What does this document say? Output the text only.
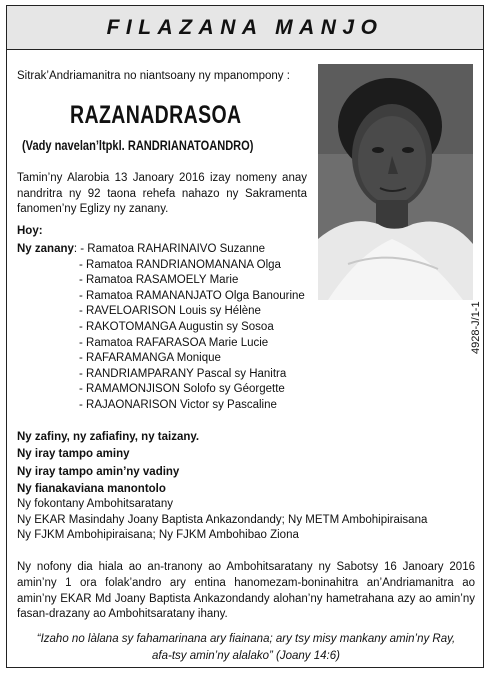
FILAZANA MANJO
Sitrak’Andriamanitra no niantsoany ny mpanompony :
RAZANADRASOA
(Vady navelan’ltpkl. RANDRIANATOANDRO)
Tamin’ny Alarobia 13 Janoary 2016 izay nomeny anay nandritra ny 92 taona rehefa nahazo ny Sakramenta fanomen’ny Eglizy ny zanany.
Hoy:
Ny zanany: - Ramatoa RAHARINAIVO Suzanne
- Ramatoa RANDRIANOMANANA Olga
- Ramatoa RASAMOELY Marie
- Ramatoa RAMANANJATO Olga Banourine
- RAVELOARISON Louis sy Hélène
- RAKOTOMANGA Augustin sy Sosoa
- Ramatoa RAFARASOA Marie Lucie
- RAFARAMANGA Monique
- RANDRIAMPARANY Pascal sy Hanitra
- RAMAMONJISON Solofo sy Géorgette
- RAJAONARISON Victor sy Pascaline
Ny zafiny, ny zafiafiny, ny taizany.
Ny iray tampo aminy
Ny iray tampo amin’ny vadiny
Ny fianakaviana manontolo
Ny fokontany Ambohitsaratany
Ny EKAR Masindahy Joany Baptista Ankazondandy; Ny METM Ambohipiraisana
Ny FJKM Ambohipiraisana; Ny FJKM Ambohibao Ziona
Ny nofony dia hiala ao an-tranony ao Ambohitsaratany ny Sabotsy 16 Janoary 2016 amin’ny 1 ora folak’andro ary entina hanomezam-boninahitra an’Andriamanitra ao amin’ny EKAR Md Joany Baptista Ankazondandy alohan’ny hametrahana azy ao amin’ny fasan-drazany ao Ambohitsaratany ihany.
“Izaho no làlana sy fahamarinana ary fiainana; ary tsy misy mankany amin’ny Ray,
afa-tsy amin’ny alalako” (Joany 14:6)
4928-J/1-1
